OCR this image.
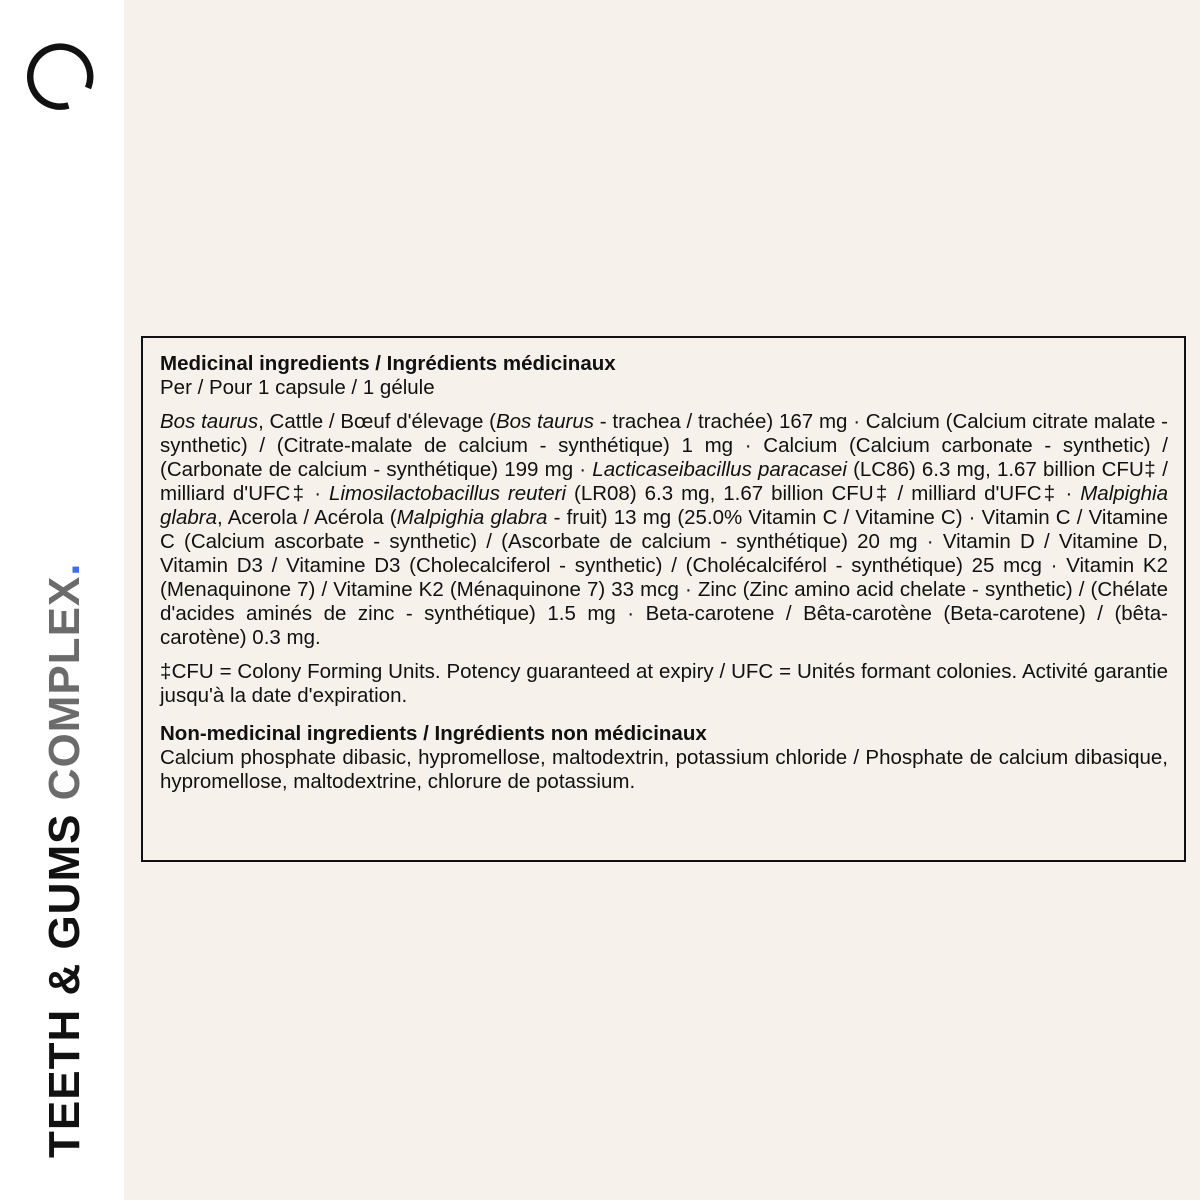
TEETH & GUMS COMPLEX.
Medicinal ingredients / Ingrédients médicinaux
Per / Pour 1 capsule / 1 gélule
Bos taurus, Cattle / Bœuf d'élevage (Bos taurus - trachea / trachée) 167 mg · Calcium (Calcium citrate malate - synthetic) / (Citrate-malate de calcium - synthétique) 1 mg · Calcium (Calcium carbonate - synthetic) / (Carbonate de calcium - synthétique) 199 mg · Lacticaseibacillus paracasei (LC86) 6.3 mg, 1.67 billion CFU‡ / milliard d'UFC‡ · Limosilactobacillus reuteri (LR08) 6.3 mg, 1.67 billion CFU‡ / milliard d'UFC‡ · Malpighia glabra, Acerola / Acérola (Malpighia glabra - fruit) 13 mg (25.0% Vitamin C / Vitamine C) · Vitamin C / Vitamine C (Calcium ascorbate - synthetic) / (Ascorbate de calcium - synthétique) 20 mg · Vitamin D / Vitamine D, Vitamin D3 / Vitamine D3 (Cholecalciferol - synthetic) / (Cholécalciférol - synthétique) 25 mcg · Vitamin K2 (Menaquinone 7) / Vitamine K2 (Ménaquinone 7) 33 mcg · Zinc (Zinc amino acid chelate - synthetic) / (Chélate d'acides aminés de zinc - synthétique) 1.5 mg · Beta-carotene / Bêta-carotène (Beta-carotene) / (bêta-carotène) 0.3 mg.
‡CFU = Colony Forming Units. Potency guaranteed at expiry / UFC = Unités formant colonies. Activité garantie jusqu'à la date d'expiration.
Non-medicinal ingredients / Ingrédients non médicinaux
Calcium phosphate dibasic, hypromellose, maltodextrin, potassium chloride / Phosphate de calcium dibasique, hypromellose, maltodextrine, chlorure de potassium.
